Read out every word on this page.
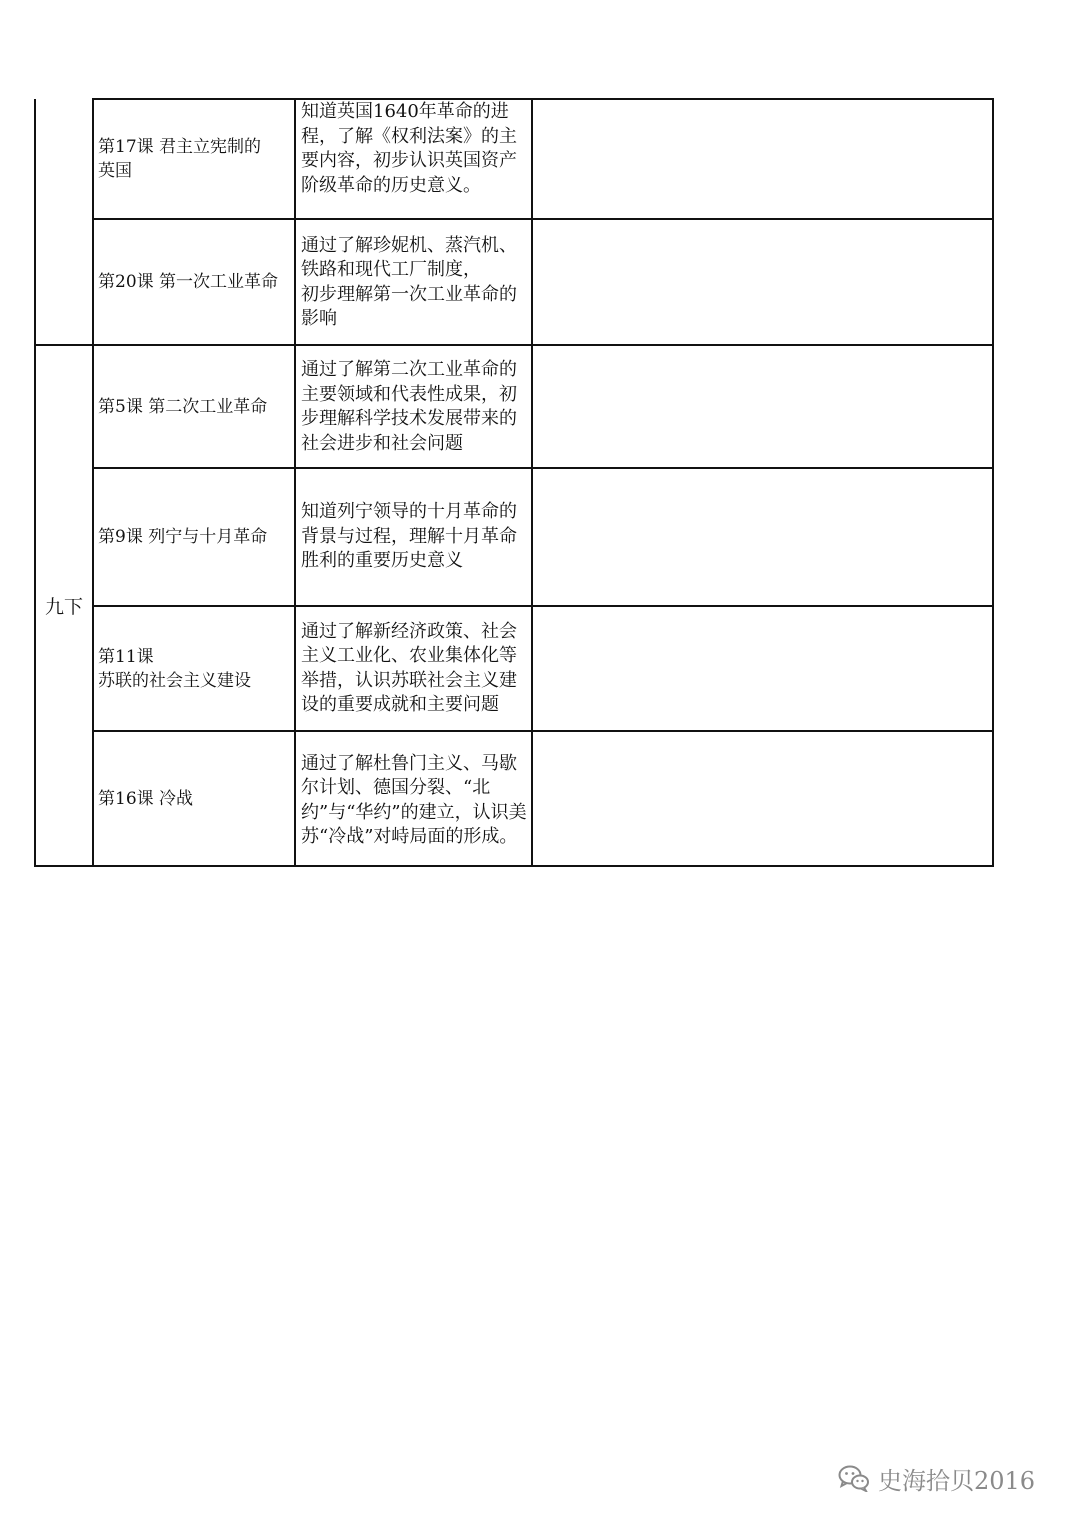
	第17课 君主立宪制的
英国	知道英国1640年革命的进程，了解《权利法案》的主要内容，初步认识英国资产阶级革命的历史意义。	

	第20课 第一次工业革命	通过了解珍妮机、蒸汽机、
铁路和现代工厂制度，
初步理解第一次工业革命的影响	

九下	第5课 第二次工业革命	通过了解第二次工业革命的主要领域和代表性成果，初步理解科学技术发展带来的社会进步和社会问题	

	第9课 列宁与十月革命	知道列宁领导的十月革命的背景与过程，理解十月革命胜利的重要历史意义	

	第11课
苏联的社会主义建设	通过了解新经济政策、社会主义工业化、农业集体化等举措，认识苏联社会主义建设的重要成就和主要问题	

	第16课 冷战	通过了解杜鲁门主义、马歇尔计划、德国分裂、“北约”与“华约”的建立，认识美苏“冷战”对峙局面的形成。	

史海拾贝2016
